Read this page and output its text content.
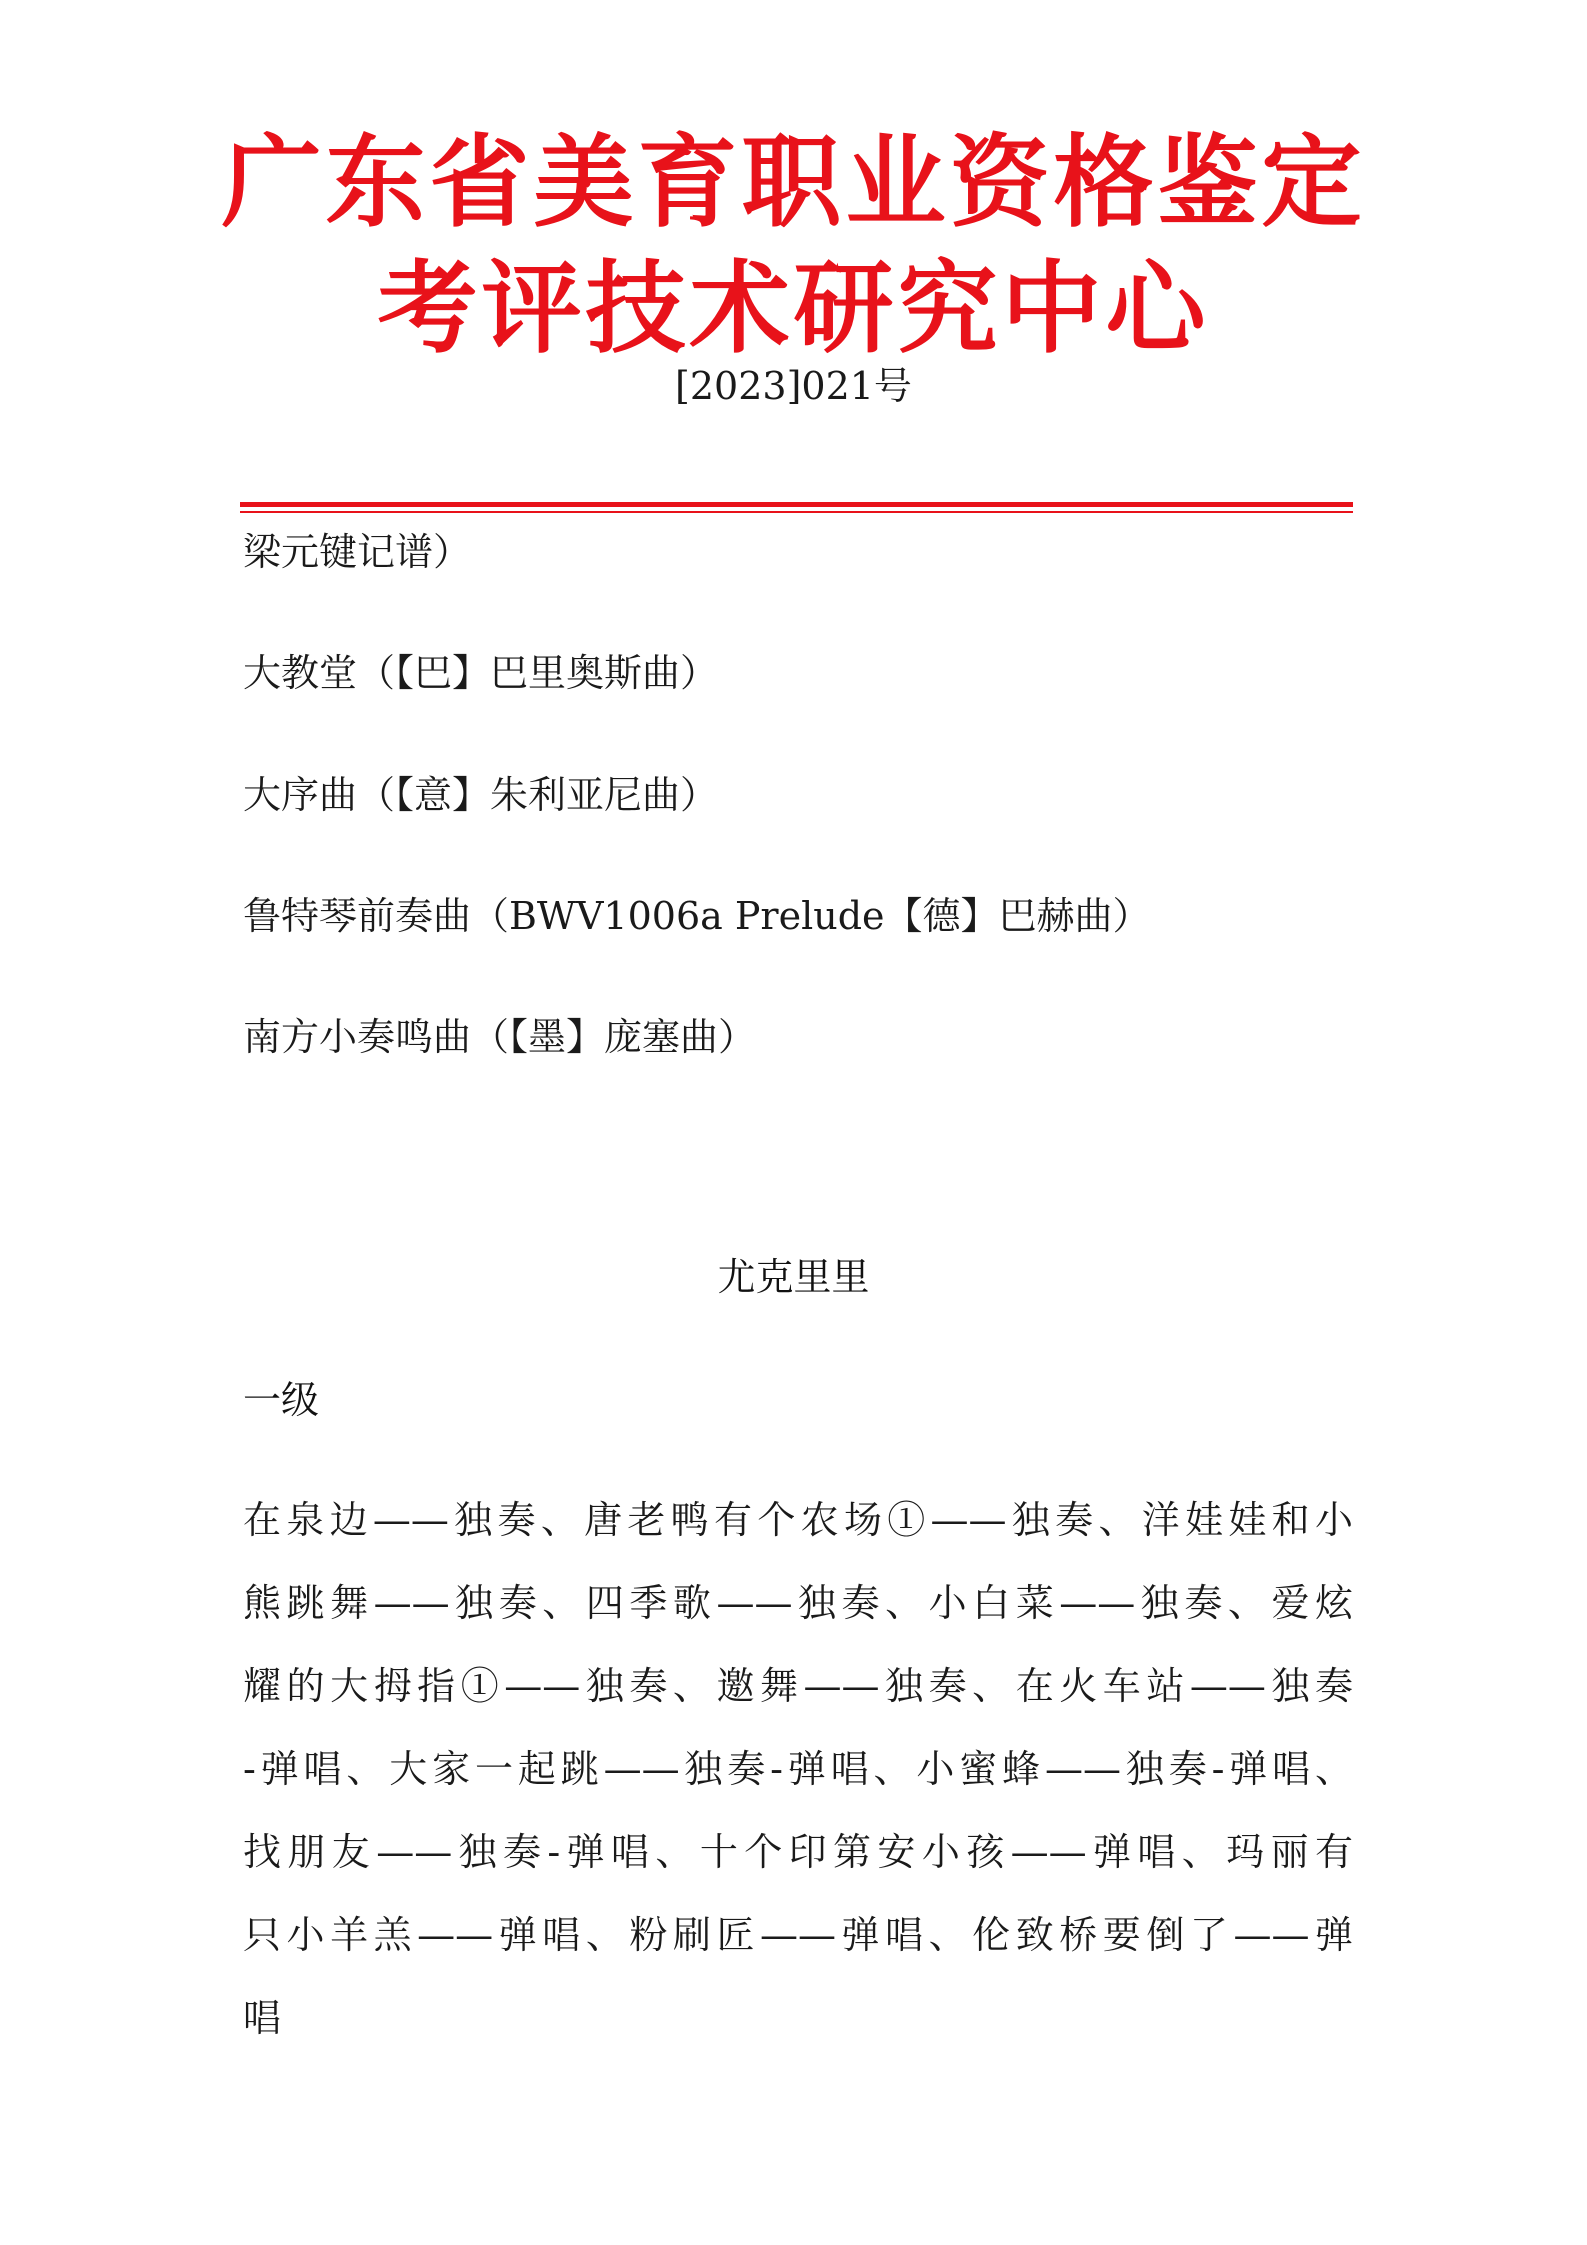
广东省美育职业资格鉴定
考评技术研究中心
[2023]021号
梁元键记谱）
大教堂（【巴】巴里奥斯曲）
大序曲（【意】朱利亚尼曲）
鲁特琴前奏曲（BWV1006a Prelude【德】巴赫曲）
南方小奏鸣曲（【墨】庞塞曲）
尤克里里
一级
在泉边——独奏、唐老鸭有个农场①——独奏、洋娃娃和小
熊跳舞——独奏、四季歌——独奏、小白菜——独奏、爱炫
耀的大拇指①——独奏、邀舞——独奏、在火车站——独奏
-弹唱、大家一起跳——独奏-弹唱、小蜜蜂——独奏-弹唱、
找朋友——独奏-弹唱、十个印第安小孩——弹唱、玛丽有
只小羊羔——弹唱、粉刷匠——弹唱、伦致桥要倒了——弹
唱
